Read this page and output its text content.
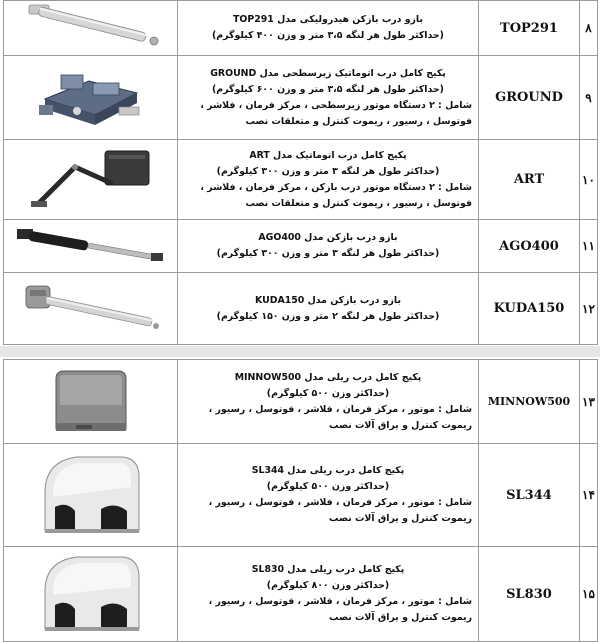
بازو درب بازکن هیدرولیکی مدل TOP291
(حداکثر طول هر لنگه ۳،۵ متر و وزن ۴۰۰ کیلوگرم)	TOP291	۸

پکیج کامل درب اتوماتیک زیرسطحی مدل GROUND
(حداکثر طول هر لنگه ۳،۵ متر و وزن ۶۰۰ کیلوگرم)
شامل : ۲ دستگاه موتور زیرسطحی ، مرکز فرمان ، فلاشر ، فوتوسل ، رسیور ، ریموت کنترل و متعلقات نصب	GROUND	۹

پکیج کامل درب اتوماتیک مدل ART
(حداکثر طول هر لنگه ۳ متر و وزن ۳۰۰ کیلوگرم)
شامل : ۲ دستگاه موتور درب بازکن ، مرکز فرمان ، فلاشر ، فوتوسل ، رسیور ، ریموت کنترل و متعلقات نصب	ART	۱۰

بازو درب بازکن مدل AGO400
(حداکثر طول هر لنگه ۳ متر و وزن ۳۰۰ کیلوگرم)	AGO400	۱۱

بازو درب بازکن مدل KUDA150
(حداکثر طول هر لنگه ۲ متر و وزن ۱۵۰ کیلوگرم)	KUDA150	۱۲

پکیج کامل درب ریلی مدل MINNOW500
(حداکثر وزن ۵۰۰ کیلوگرم)
شامل : موتور ، مرکز فرمان ، فلاشر ، فوتوسل ، رسیور ، ریموت کنترل و یراق آلات نصب	MINNOW500	۱۳

پکیج کامل درب ریلی مدل SL344
(حداکثر وزن ۵۰۰ کیلوگرم)
شامل : موتور ، مرکز فرمان ، فلاشر ، فوتوسل ، رسیور ، ریموت کنترل و یراق آلات نصب	SL344	۱۴

پکیج کامل درب ریلی مدل SL830
(حداکثر وزن ۸۰۰ کیلوگرم)
شامل : موتور ، مرکز فرمان ، فلاشر ، فوتوسل ، رسیور ، ریموت کنترل و یراق آلات نصب	SL830	۱۵
